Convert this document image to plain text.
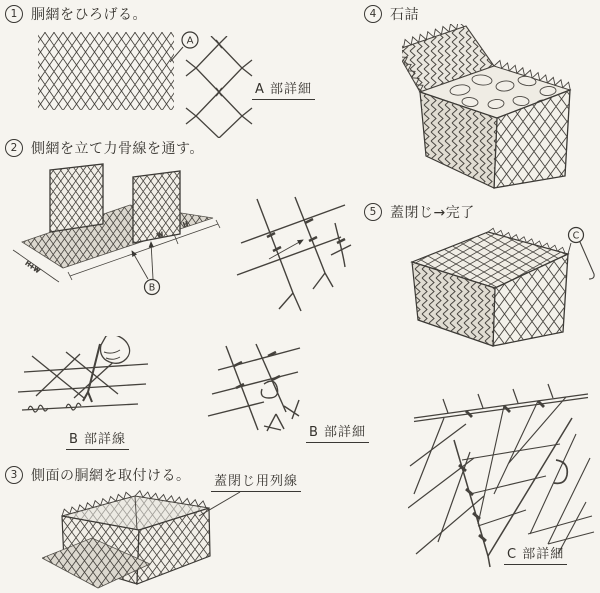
1 胴網をひろげる。
A 部詳細
2 側網を立て力骨線を通す。
H+W
W
H
B
B 部詳線	B 部詳細
3 側面の胴網を取付ける。 蓋閉じ用列線
4 石詰
5 蓋閉じ→完了
C
C 部詳細
A
